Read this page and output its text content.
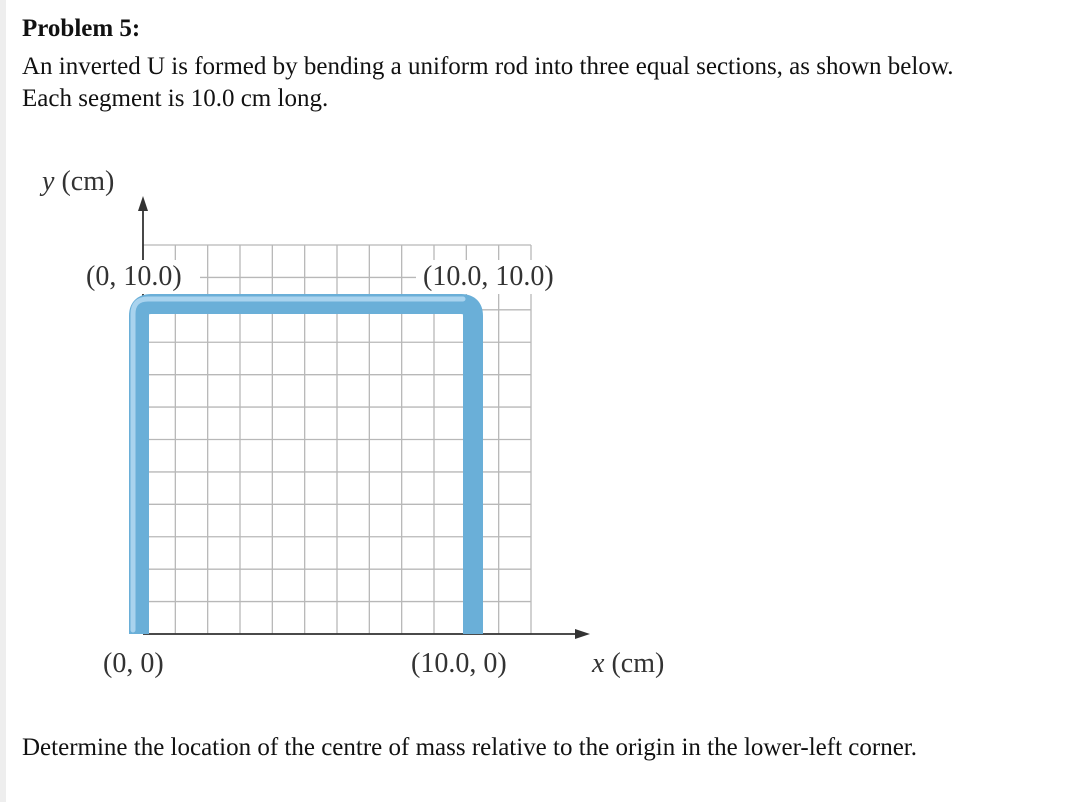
Problem 5:

An inverted U is formed by bending a uniform rod into three equal sections, as shown below.

Each segment is 10.0 cm long.

y (cm)
x (cm)
(0, 10.0)	(10.0, 10.0)
(0, 0)	(10.0, 0)
Determine the location of the centre of mass relative to the origin in the lower-left corner.
